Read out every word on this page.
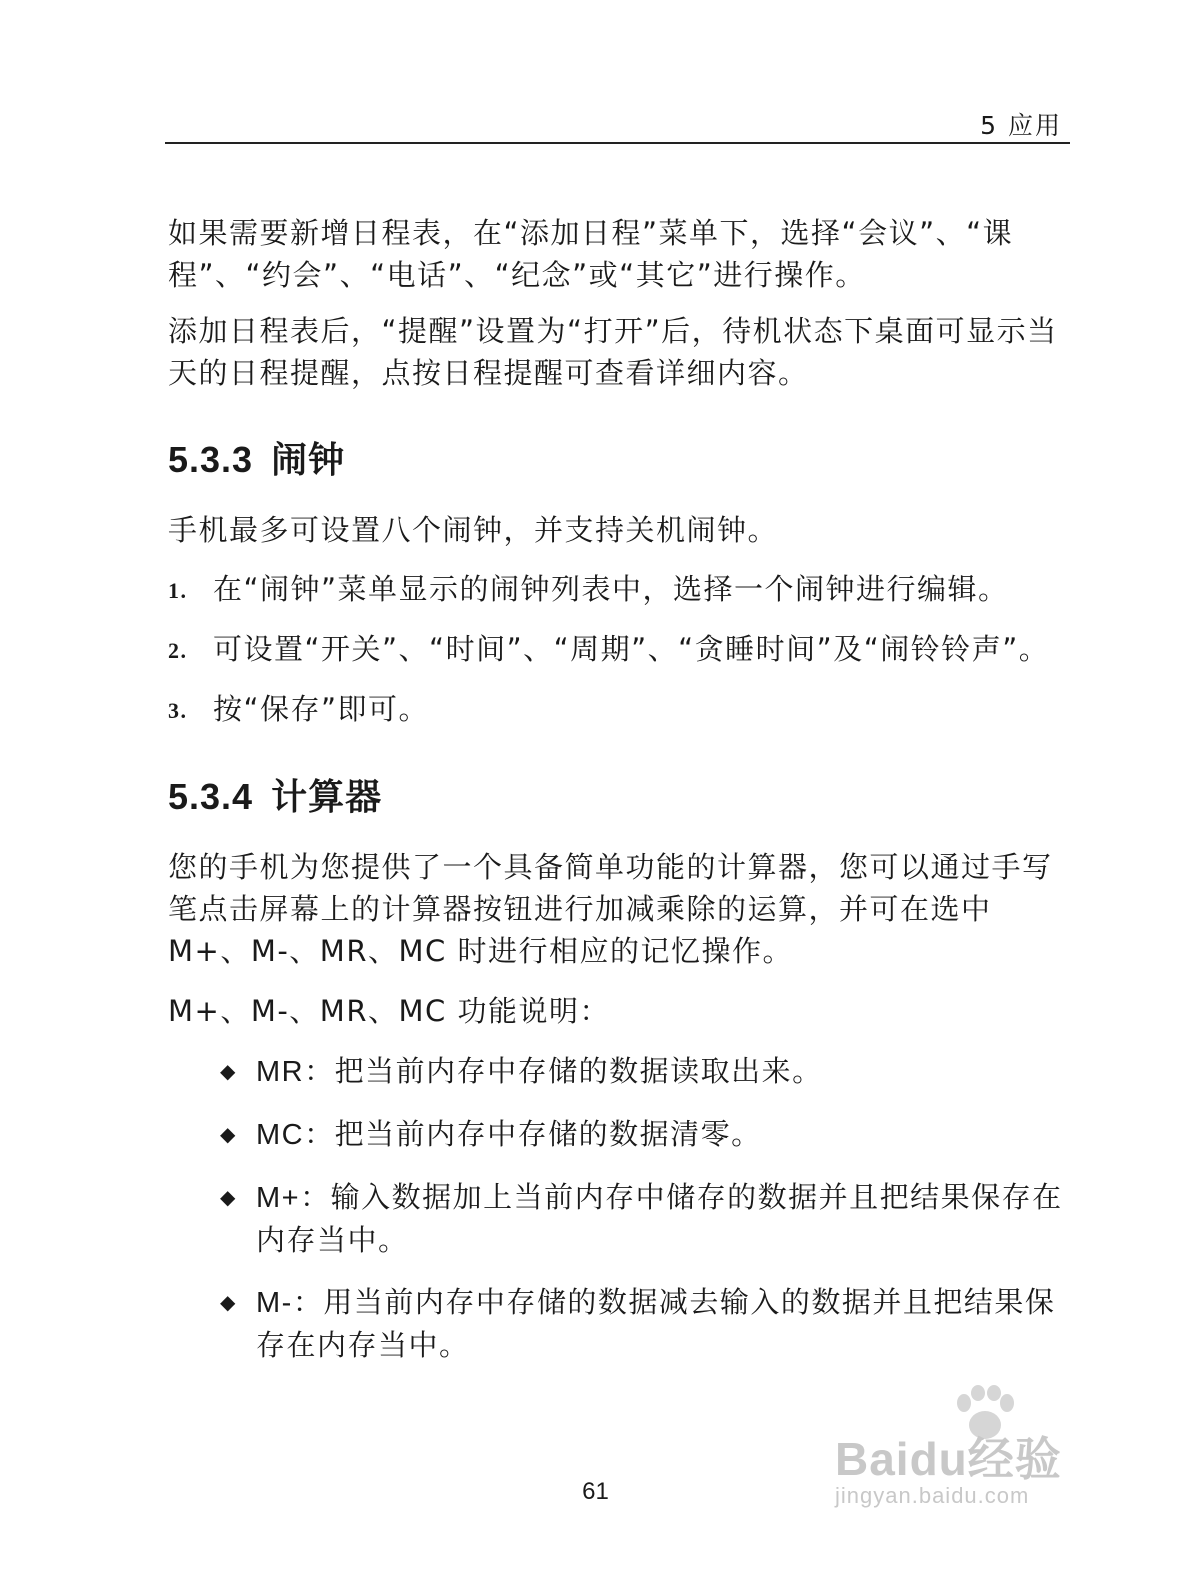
5 应用

如果需要新增日程表，在“添加日程”菜单下，选择“会议”、“课程”、“约会”、“电话”、“纪念”或“其它”进行操作。

添加日程表后，“提醒”设置为“打开”后，待机状态下桌面可显示当天的日程提醒，点按日程提醒可查看详细内容。

5.3.3 闹钟

手机最多可设置八个闹钟，并支持关机闹钟。

1. 在“闹钟”菜单显示的闹钟列表中，选择一个闹钟进行编辑。
2. 可设置“开关”、“时间”、“周期”、“贪睡时间”及“闹铃铃声”。
3. 按“保存”即可。
5.3.4 计算器

您的手机为您提供了一个具备简单功能的计算器，您可以通过手写笔点击屏幕上的计算器按钮进行加减乘除的运算，并可在选中 M+、M-、MR、MC 时进行相应的记忆操作。

M+、M-、MR、MC 功能说明：

◆ MR：把当前内存中存储的数据读取出来。
◆ MC：把当前内存中存储的数据清零。
◆ M+：输入数据加上当前内存中储存的数据并且把结果保存在内存当中。
◆ M-：用当前内存中存储的数据减去输入的数据并且把结果保存在内存当中。
61
Baidu经验
jingyan.baidu.com
